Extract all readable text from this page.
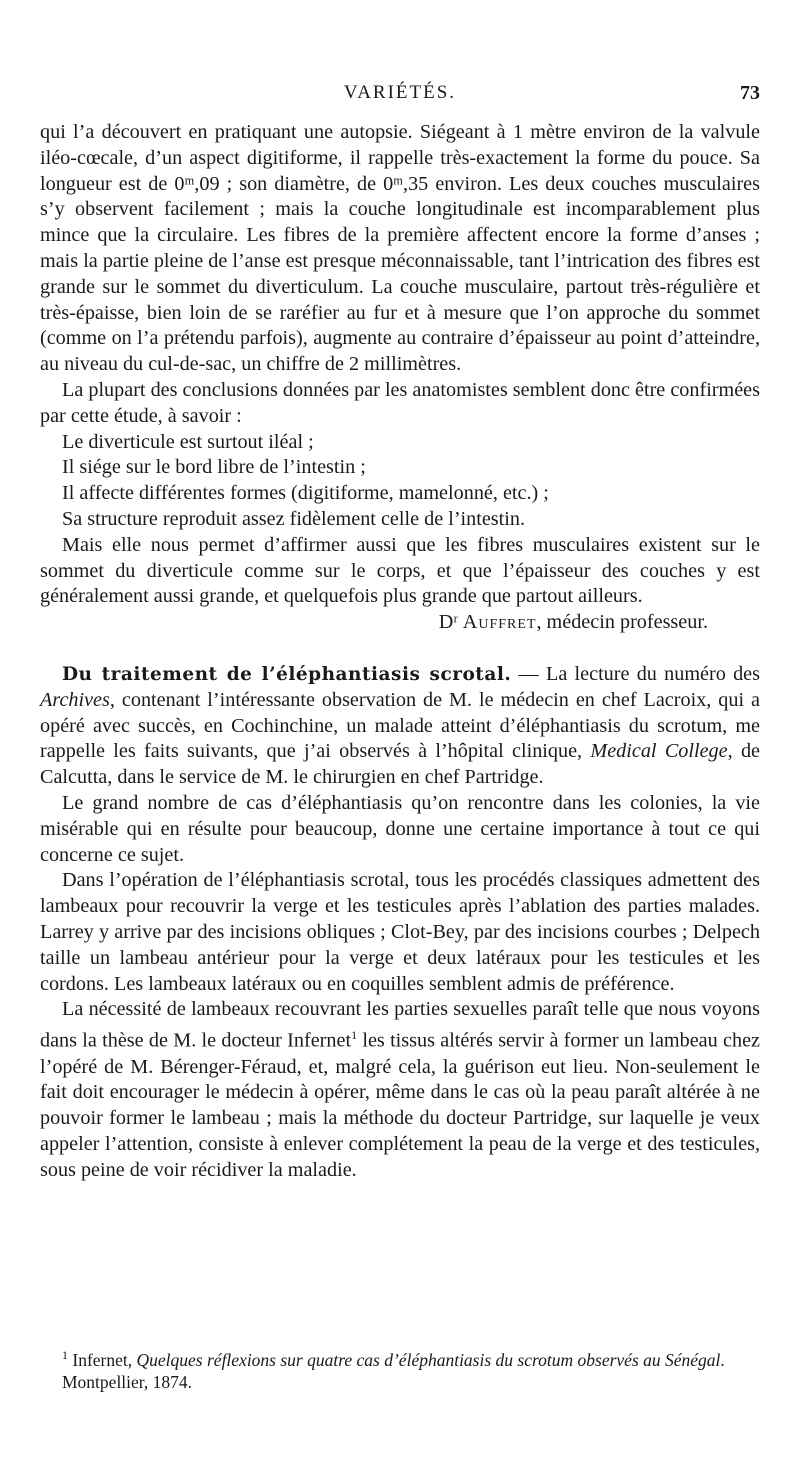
VARIÉTÉS.	73

qui l’a découvert en pratiquant une autopsie. Siégeant à 1 mètre environ de la valvule iléo-cœcale, d’un aspect digitiforme, il rappelle très-exactement la forme du pouce. Sa longueur est de 0ᵐ,09 ; son diamètre, de 0ᵐ,35 environ. Les deux couches musculaires s’y observent facilement ; mais la couche longitudinale est incomparablement plus mince que la circulaire. Les fibres de la première affectent encore la forme d’anses ; mais la partie pleine de l’anse est presque méconnaissable, tant l’intrication des fibres est grande sur le sommet du diverticulum. La couche musculaire, partout très-régulière et très-épaisse, bien loin de se raréfier au fur et à mesure que l’on approche du sommet (comme on l’a prétendu parfois), augmente au contraire d’épaisseur au point d’atteindre, au niveau du cul-de-sac, un chiffre de 2 millimètres.

La plupart des conclusions données par les anatomistes semblent donc être confirmées par cette étude, à savoir :

Le diverticule est surtout iléal ;

Il siége sur le bord libre de l’intestin ;

Il affecte différentes formes (digitiforme, mamelonné, etc.) ;

Sa structure reproduit assez fidèlement celle de l’intestin.

Mais elle nous permet d’affirmer aussi que les fibres musculaires existent sur le sommet du diverticule comme sur le corps, et que l’épaisseur des couches y est généralement aussi grande, et quelquefois plus grande que partout ailleurs.

Dʳ Auffret, médecin professeur.

Du traitement de l’éléphantiasis scrotal. — La lecture du numéro des Archives, contenant l’intéressante observation de M. le médecin en chef Lacroix, qui a opéré avec succès, en Cochinchine, un malade atteint d’éléphantiasis du scrotum, me rappelle les faits suivants, que j’ai observés à l’hôpital clinique, Medical College, de Calcutta, dans le service de M. le chirurgien en chef Partridge.

Le grand nombre de cas d’éléphantiasis qu’on rencontre dans les colonies, la vie misérable qui en résulte pour beaucoup, donne une certaine importance à tout ce qui concerne ce sujet.

Dans l’opération de l’éléphantiasis scrotal, tous les procédés classiques admettent des lambeaux pour recouvrir la verge et les testicules après l’ablation des parties malades. Larrey y arrive par des incisions obliques ; Clot-Bey, par des incisions courbes ; Delpech taille un lambeau antérieur pour la verge et deux latéraux pour les testicules et les cordons. Les lambeaux latéraux ou en coquilles semblent admis de préférence.

La nécessité de lambeaux recouvrant les parties sexuelles paraît telle que nous voyons dans la thèse de M. le docteur Infernet$^1$ les tissus altérés servir à former un lambeau chez l’opéré de M. Bérenger-Féraud, et, malgré cela, la guérison eut lieu. Non-seulement le fait doit encourager le médecin à opérer, même dans le cas où la peau paraît altérée à ne pouvoir former le lambeau ; mais la méthode du docteur Partridge, sur laquelle je veux appeler l’attention, consiste à enlever complétement la peau de la verge et des testicules, sous peine de voir récidiver la maladie.

$^1$ Infernet, Quelques réflexions sur quatre cas d’éléphantiasis du scrotum observés au Sénégal. Montpellier, 1874.
